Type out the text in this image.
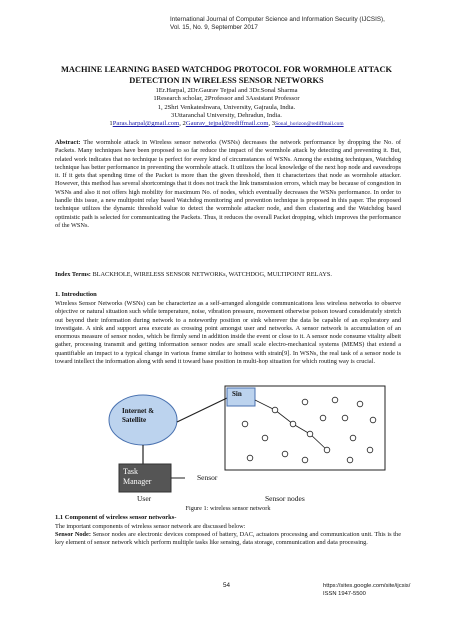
International Journal of Computer Science and Information Security (IJCSIS),
Vol. 15, No. 9, September 2017
MACHINE LEARNING BASED WATCHDOG PROTOCOL FOR WORMHOLE ATTACK DETECTION IN WIRELESS SENSOR NETWORKS
1Er.Harpal, 2Dr.Gaurav Tejpal and 3Dr.Sonal Sharma
1Research scholar, 2Professor and 3Assistant Professor
1, 2Shri Venkateshwara, University, Gajraula, India.
3Uttaranchal University, Dehradun, India.
1Paras.harpal@gmail.com, 2Gaurav_tejpal@rediffmail.com, 3Sonal_horizon@rediffmail.com
Abstract: The wormhole attack in Wireless sensor networks (WSNs) decreases the network performance by dropping the No. of Packets. Many techniques have been proposed to so far reduce the impact of the wormhole attack by detecting and preventing it. But, related work indicates that no technique is perfect for every kind of circumstances of WSNs. Among the existing techniques, Watchdog technique has better performance in preventing the wormhole attack. It utilizes the local knowledge of the next hop node and eavesdrops it. If it gets that spending time of the Packet is more than the given threshold, then it characterizes that node as wormhole attacker. However, this method has several shortcomings that it does not track the link transmission errors, which may be because of congestion in WSNs and also it not offers high mobility for maximum No. of nodes, which eventually decreases the WSNs performance. In order to handle this issue, a new multipoint relay based Watchdog monitoring and prevention technique is proposed in this paper. The proposed technique utilizes the dynamic threshold value to detect the wormhole attacker node, and then clustering and the Watchdog based optimistic path is selected for communicating the Packets. Thus, it reduces the overall Packet dropping, which improves the performance of the WSNs.
Index Terms: BLACKHOLE, WIRELESS SENSOR NETWORKs, WATCHDOG, MULTIPOINT RELAYS.
1. Introduction
Wireless Sensor Networks (WSNs) can be characterize as a self-arranged alongside communications less wireless networks to observe objective or natural situation such while temperature, noise, vibration pressure, movement otherwise poison toward considerately stretch out beyond their information during network to a noteworthy position or sink wherever the data be capable of an exploratory and investigate. A sink and support area execute as crossing point amongst user and networks. A sensor network is accumulation of an enormous measure of sensor nodes, which be firmly send in addition inside the event or close to it. A sensor node consume vitality albeit gather, processing transmit and getting information sensor nodes are small scale electro-mechanical systems (MEMS) that extend a quantifiable an impact to a typical change in various frame similar to hotness with strain[9]. In WSNs, the real task of a sensor node is toward intellect the information along with send it toward base position in multi-hop situation for which routing way is crucial.
Internet &
Satellite
Sin
Task
Manager	Sensor
User	Sensor nodes
Figure 1: wireless sensor network
1.1 Component of wireless sensor networks-
The important components of wireless sensor network are discussed below:
Sensor Node: Sensor nodes are electronic devices composed of battery, DAC, actuators processing and communication unit. This is the key element of sensor network which perform multiple tasks like sensing, data storage, communication and data processing.
54	https://sites.google.com/site/ijcsis/
ISSN 1947-5500
